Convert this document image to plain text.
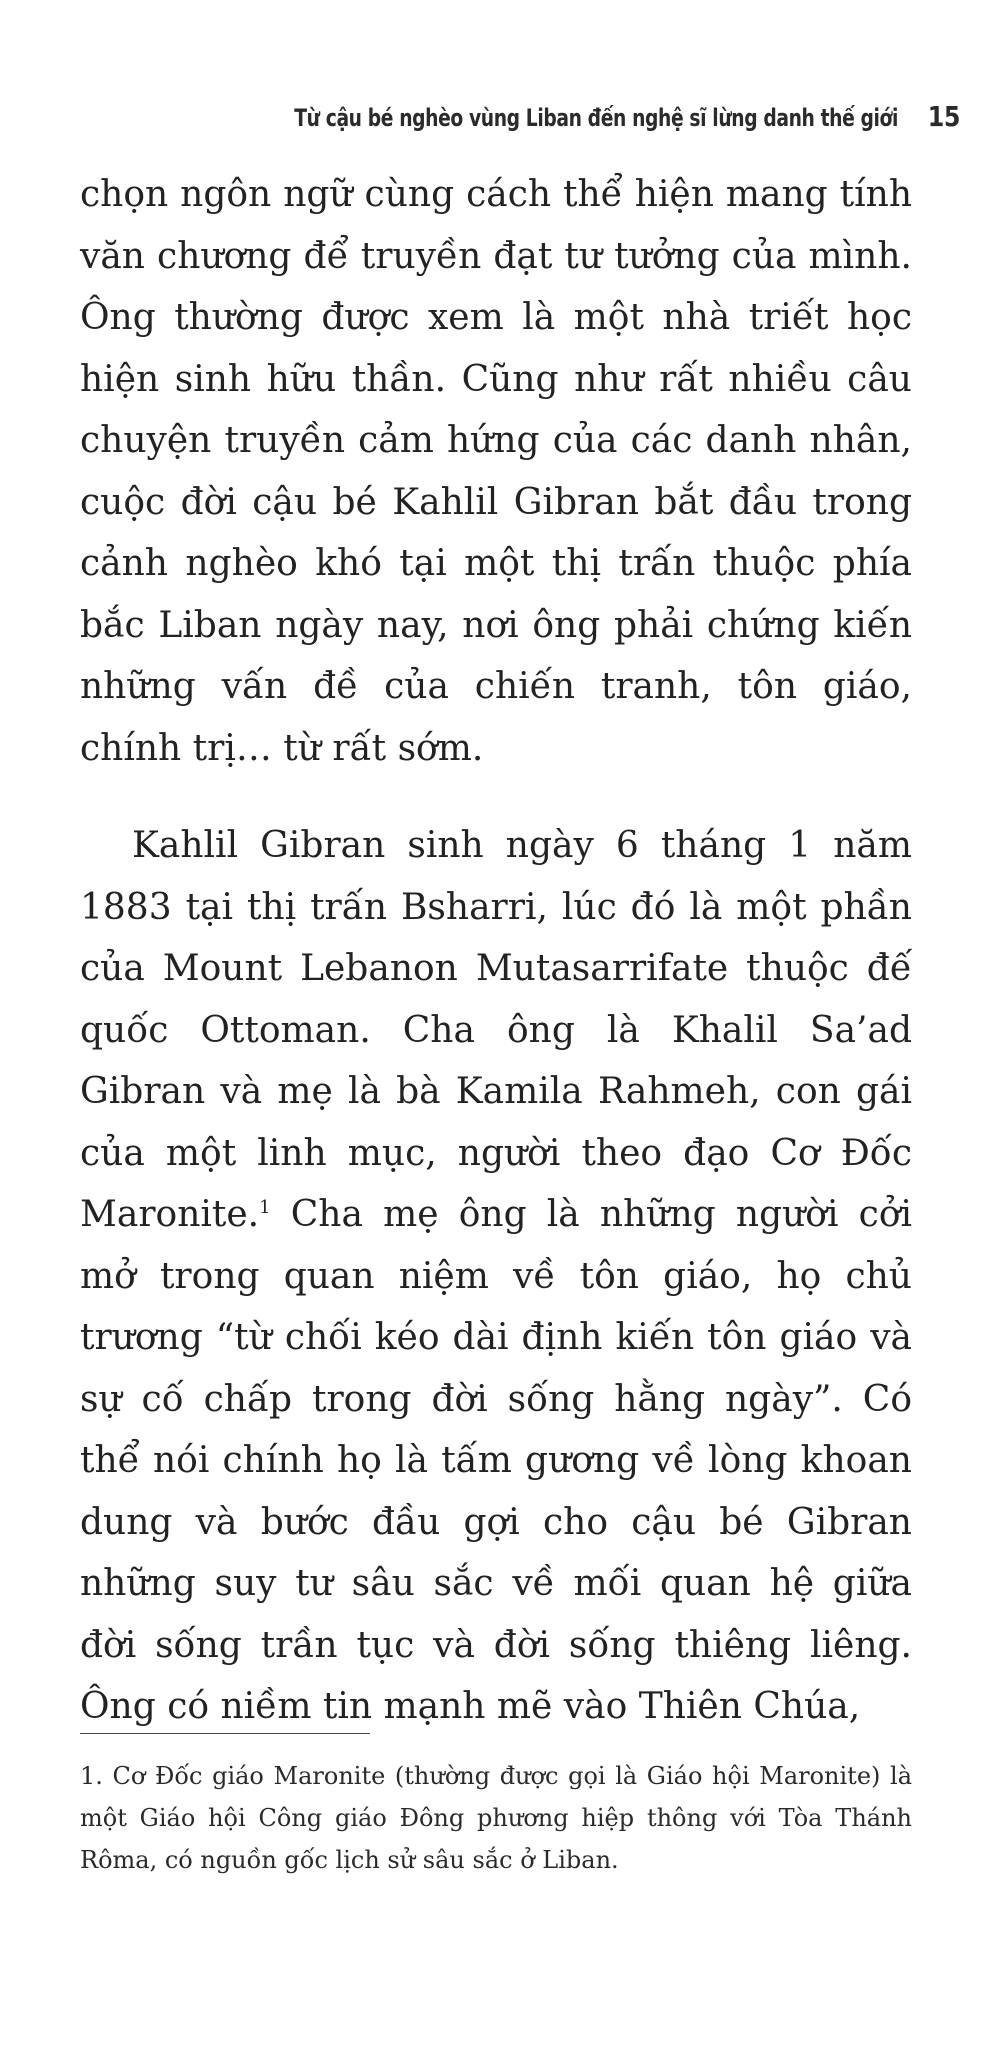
Từ cậu bé nghèo vùng Liban đến nghệ sĩ lừng danh thế giới 15

chọn ngôn ngữ cùng cách thể hiện mang tính văn chương để truyền đạt tư tưởng của mình. Ông thường được xem là một nhà triết học hiện sinh hữu thần. Cũng như rất nhiều câu chuyện truyền cảm hứng của các danh nhân, cuộc đời cậu bé Kahlil Gibran bắt đầu trong cảnh nghèo khó tại một thị trấn thuộc phía bắc Liban ngày nay, nơi ông phải chứng kiến những vấn đề của chiến tranh, tôn giáo, chính trị… từ rất sớm.

Kahlil Gibran sinh ngày 6 tháng 1 năm 1883 tại thị trấn Bsharri, lúc đó là một phần của Mount Lebanon Mutasarrifate thuộc đế quốc Ottoman. Cha ông là Khalil Sa’ad Gibran và mẹ là bà Kamila Rahmeh, con gái của một linh mục, người theo đạo Cơ Đốc Maronite.$^1$ Cha mẹ ông là những người cởi mở trong quan niệm về tôn giáo, họ chủ trương “từ chối kéo dài định kiến tôn giáo và sự cố chấp trong đời sống hằng ngày”. Có thể nói chính họ là tấm gương về lòng khoan dung và bước đầu gợi cho cậu bé Gibran những suy tư sâu sắc về mối quan hệ giữa đời sống trần tục và đời sống thiêng liêng. Ông có niềm tin mạnh mẽ vào Thiên Chúa,

1. Cơ Đốc giáo Maronite (thường được gọi là Giáo hội Maronite) là một Giáo hội Công giáo Đông phương hiệp thông với Tòa Thánh Rôma, có nguồn gốc lịch sử sâu sắc ở Liban.
